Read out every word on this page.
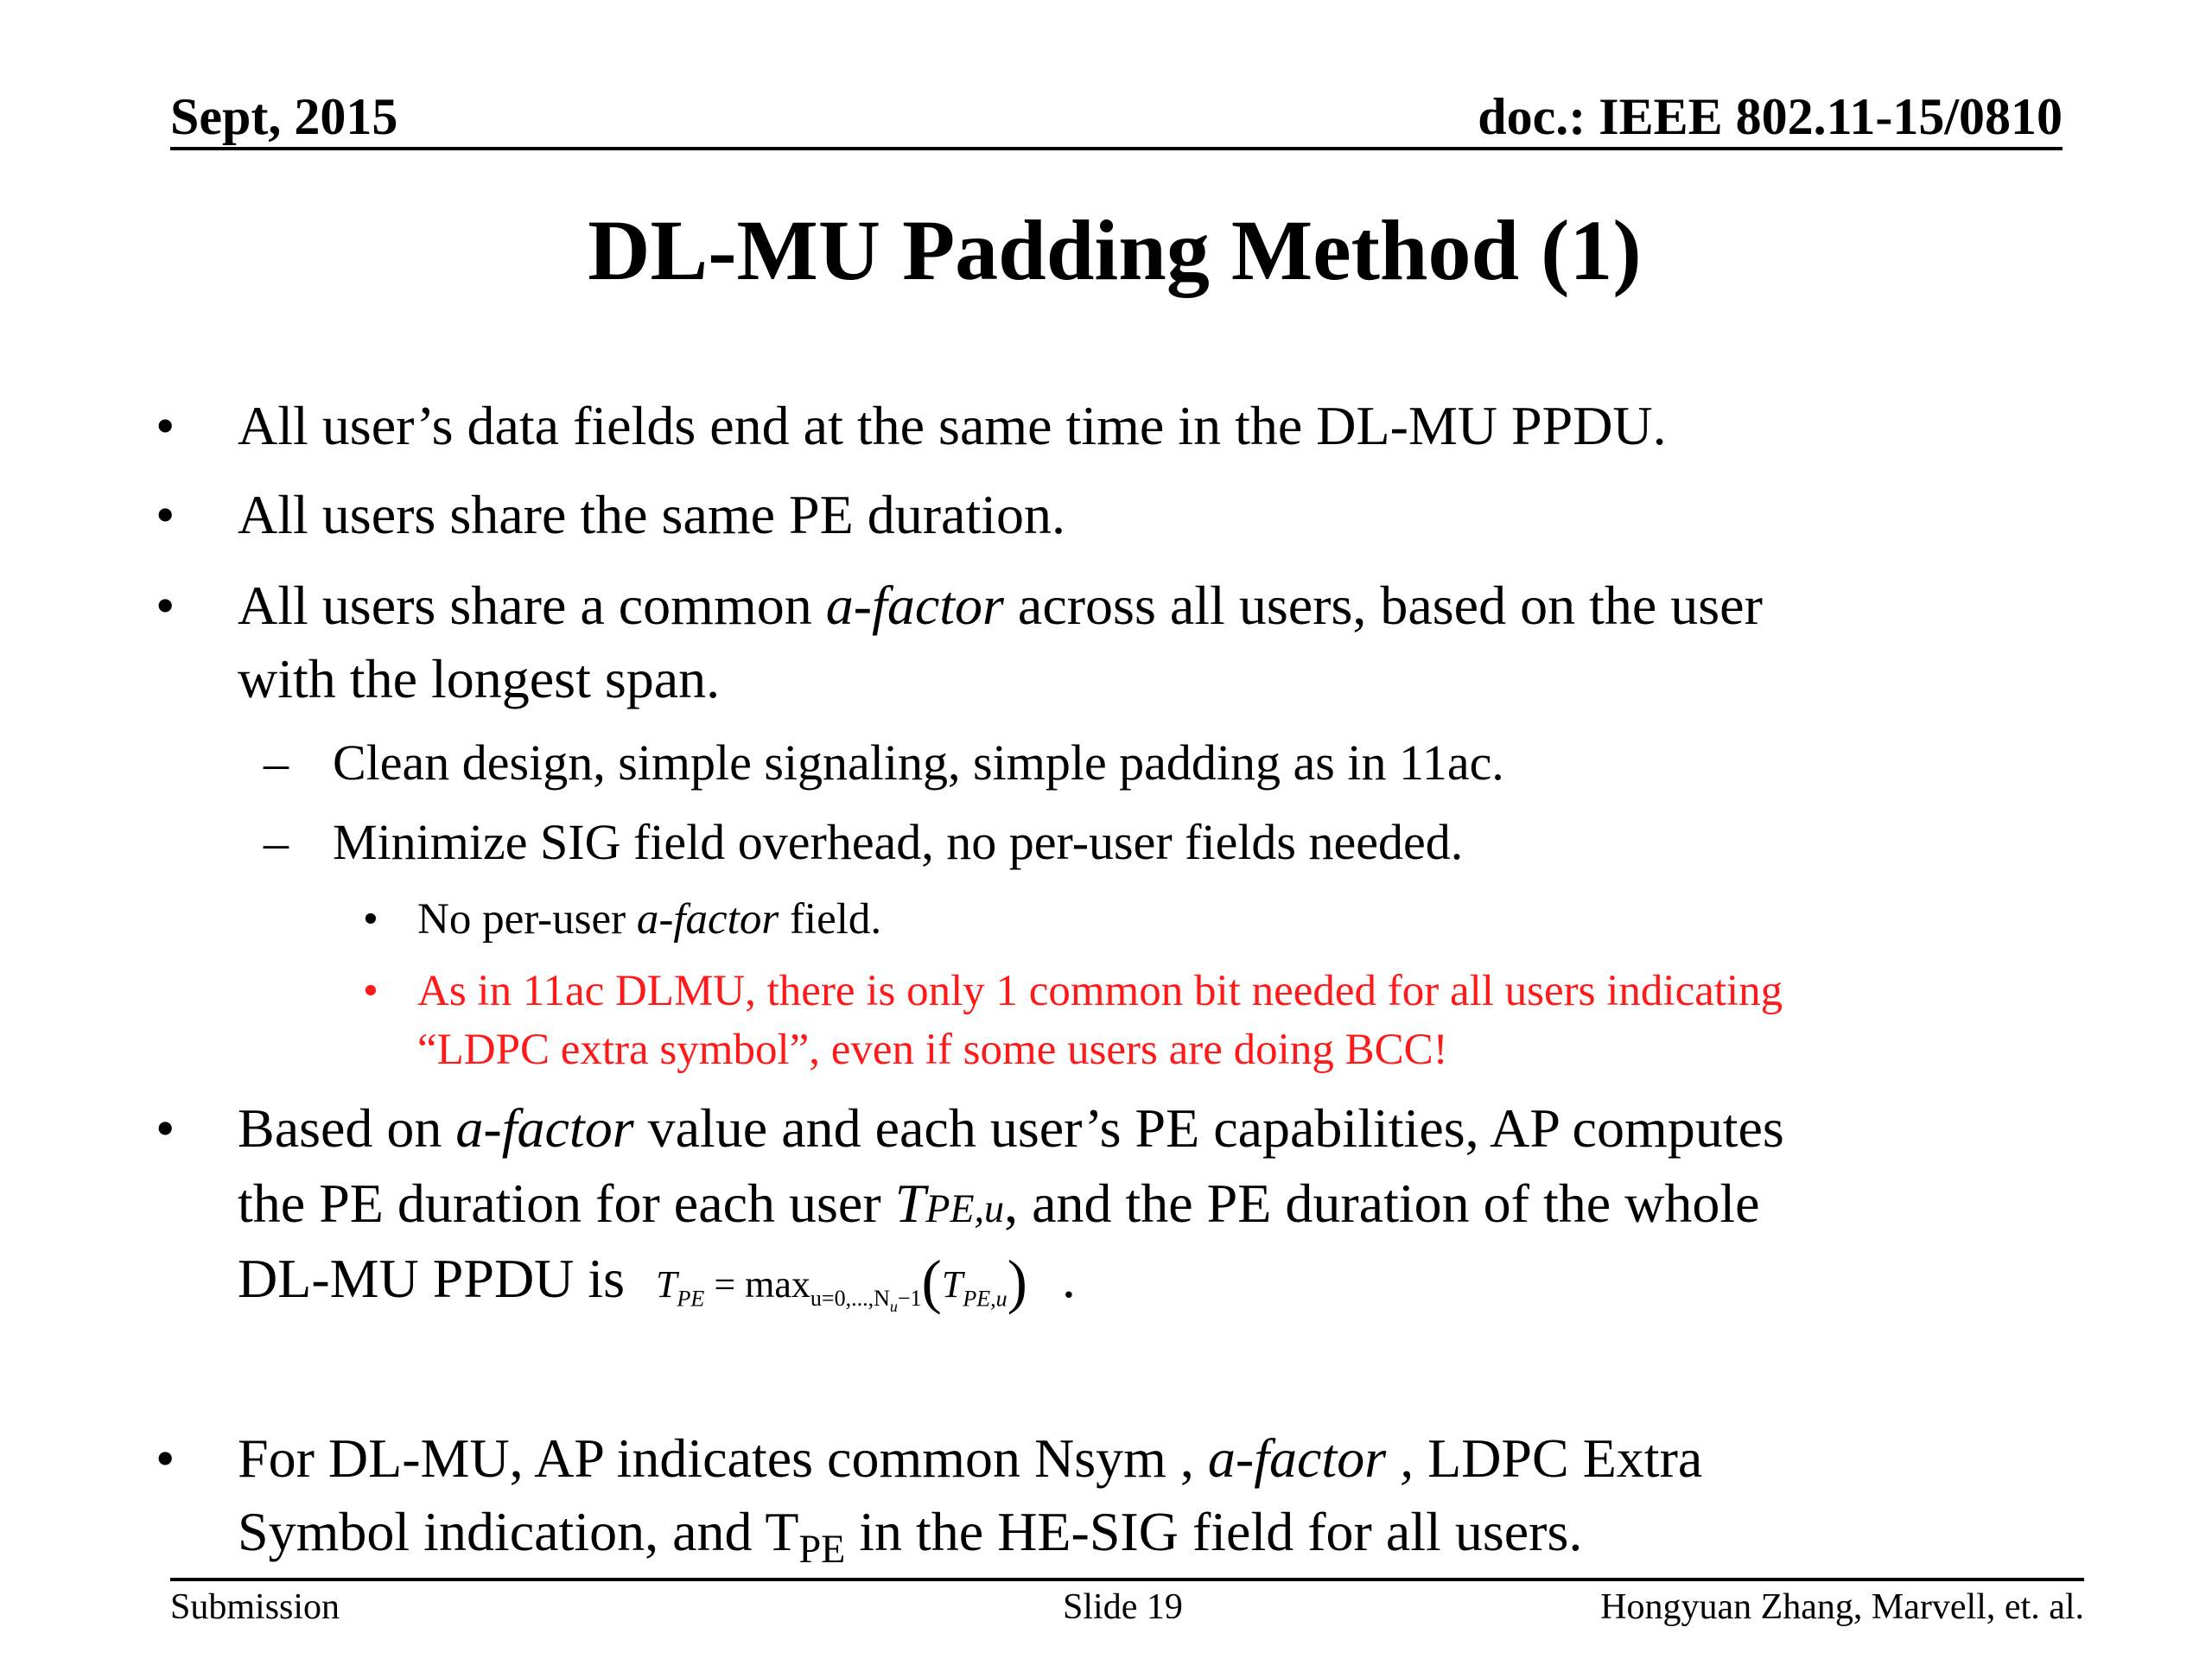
Sept, 2015	doc.: IEEE 802.11-15/0810
DL-MU Padding Method (1)
• All user’s data fields end at the same time in the DL-MU PPDU.
• All users share the same PE duration.
• All users share a common a-factor across all users, based on the user
with the longest span.
– Clean design, simple signaling, simple padding as in 11ac.
– Minimize SIG field overhead, no per-user fields needed.
• No per-user a-factor field.
• As in 11ac DLMU, there is only 1 common bit needed for all users indicating
“LDPC extra symbol”, even if some users are doing BCC!
• Based on a-factor value and each user’s PE capabilities, AP computes
the PE duration for each user TPE,u, and the PE duration of the whole
DL-MU PPDU is $T_{PE} = \max_{u=0,...,N_u-1}(T_{PE,u})$ .
• For DL-MU, AP indicates common Nsym , a-factor , LDPC Extra
Symbol indication, and $T_{PE}$ in the HE-SIG field for all users.
Submission	Slide 19	Hongyuan Zhang, Marvell, et. al.
